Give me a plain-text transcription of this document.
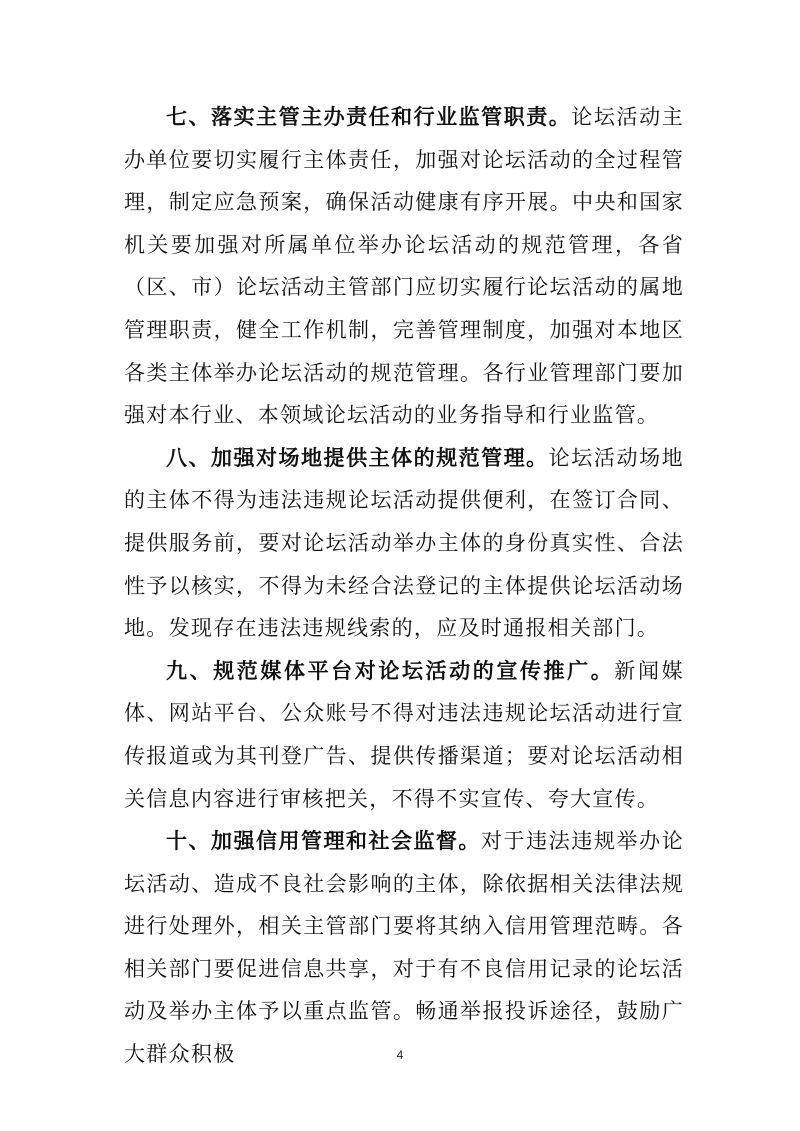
七、落实主管主办责任和行业监管职责。论坛活动主办单位要切实履行主体责任，加强对论坛活动的全过程管理，制定应急预案，确保活动健康有序开展。中央和国家机关要加强对所属单位举办论坛活动的规范管理，各省（区、市）论坛活动主管部门应切实履行论坛活动的属地管理职责，健全工作机制，完善管理制度，加强对本地区各类主体举办论坛活动的规范管理。各行业管理部门要加强对本行业、本领域论坛活动的业务指导和行业监管。

八、加强对场地提供主体的规范管理。论坛活动场地的主体不得为违法违规论坛活动提供便利，在签订合同、提供服务前，要对论坛活动举办主体的身份真实性、合法性予以核实，不得为未经合法登记的主体提供论坛活动场地。发现存在违法违规线索的，应及时通报相关部门。

九、规范媒体平台对论坛活动的宣传推广。新闻媒体、网站平台、公众账号不得对违法违规论坛活动进行宣传报道或为其刊登广告、提供传播渠道；要对论坛活动相关信息内容进行审核把关，不得不实宣传、夸大宣传。

十、加强信用管理和社会监督。对于违法违规举办论坛活动、造成不良社会影响的主体，除依据相关法律法规进行处理外，相关主管部门要将其纳入信用管理范畴。各相关部门要促进信息共享，对于有不良信用记录的论坛活动及举办主体予以重点监管。畅通举报投诉途径，鼓励广大群众积极	4
